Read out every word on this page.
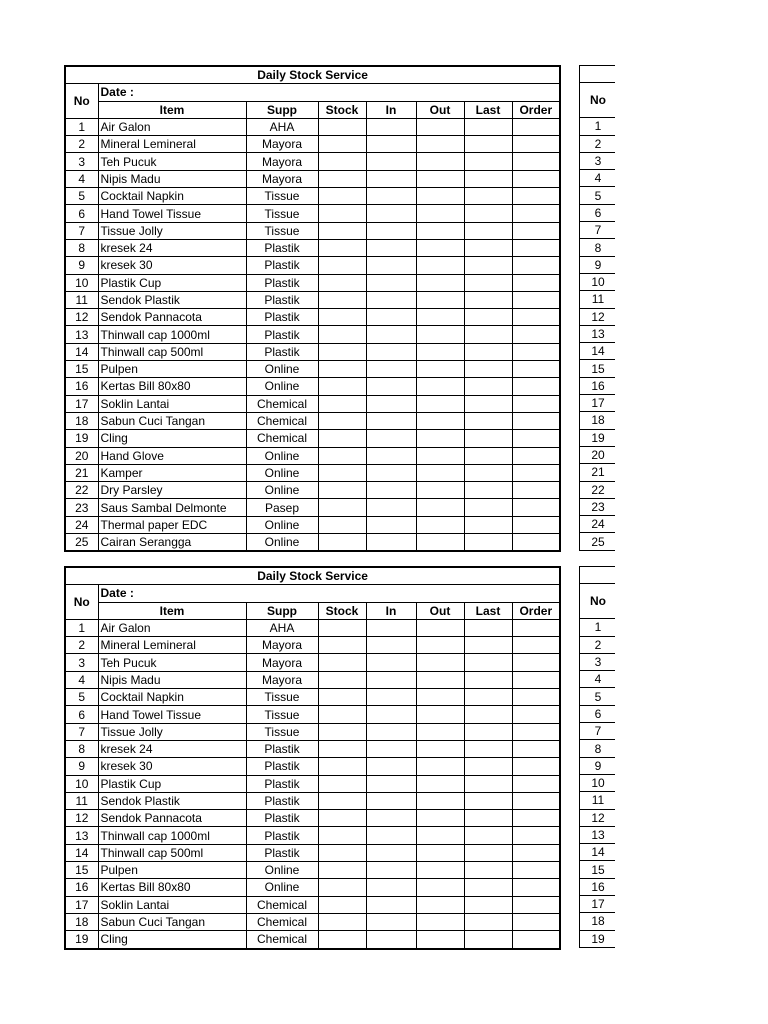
Daily Stock Service							
No	Date :						
	Item	Supp	Stock	In	Out	Last	Order
1	Air Galon	AHA					
2	Mineral Lemineral	Mayora					
3	Teh Pucuk	Mayora					
4	Nipis Madu	Mayora					
5	Cocktail Napkin	Tissue					
6	Hand Towel Tissue	Tissue					
7	Tissue Jolly	Tissue					
8	kresek 24	Plastik					
9	kresek 30	Plastik					
10	Plastik Cup	Plastik					
11	Sendok Plastik	Plastik					
12	Sendok Pannacota	Plastik					
13	Thinwall cap 1000ml	Plastik					
14	Thinwall cap 500ml	Plastik					
15	Pulpen	Online					
16	Kertas Bill 80x80	Online					
17	Soklin Lantai	Chemical					
18	Sabun Cuci Tangan	Chemical					
19	Cling	Chemical					
20	Hand Glove	Online					
21	Kamper	Online					
22	Dry Parsley	Online					
23	Saus Sambal Delmonte	Pasep					
24	Thermal paper EDC	Online					
25	Cairan Serangga	Online					

No
1
2
3
4
5
6
7
8
9
10
11
12
13
14
15
16
17
18
19
20
21
22
23
24
25
Daily Stock Service							
No	Date :						
	Item	Supp	Stock	In	Out	Last	Order
1	Air Galon	AHA					
2	Mineral Lemineral	Mayora					
3	Teh Pucuk	Mayora					
4	Nipis Madu	Mayora					
5	Cocktail Napkin	Tissue					
6	Hand Towel Tissue	Tissue					
7	Tissue Jolly	Tissue					
8	kresek 24	Plastik					
9	kresek 30	Plastik					
10	Plastik Cup	Plastik					
11	Sendok Plastik	Plastik					
12	Sendok Pannacota	Plastik					
13	Thinwall cap 1000ml	Plastik					
14	Thinwall cap 500ml	Plastik					
15	Pulpen	Online					
16	Kertas Bill 80x80	Online					
17	Soklin Lantai	Chemical					
18	Sabun Cuci Tangan	Chemical					
19	Cling	Chemical					

No
1
2
3
4
5
6
7
8
9
10
11
12
13
14
15
16
17
18
19
